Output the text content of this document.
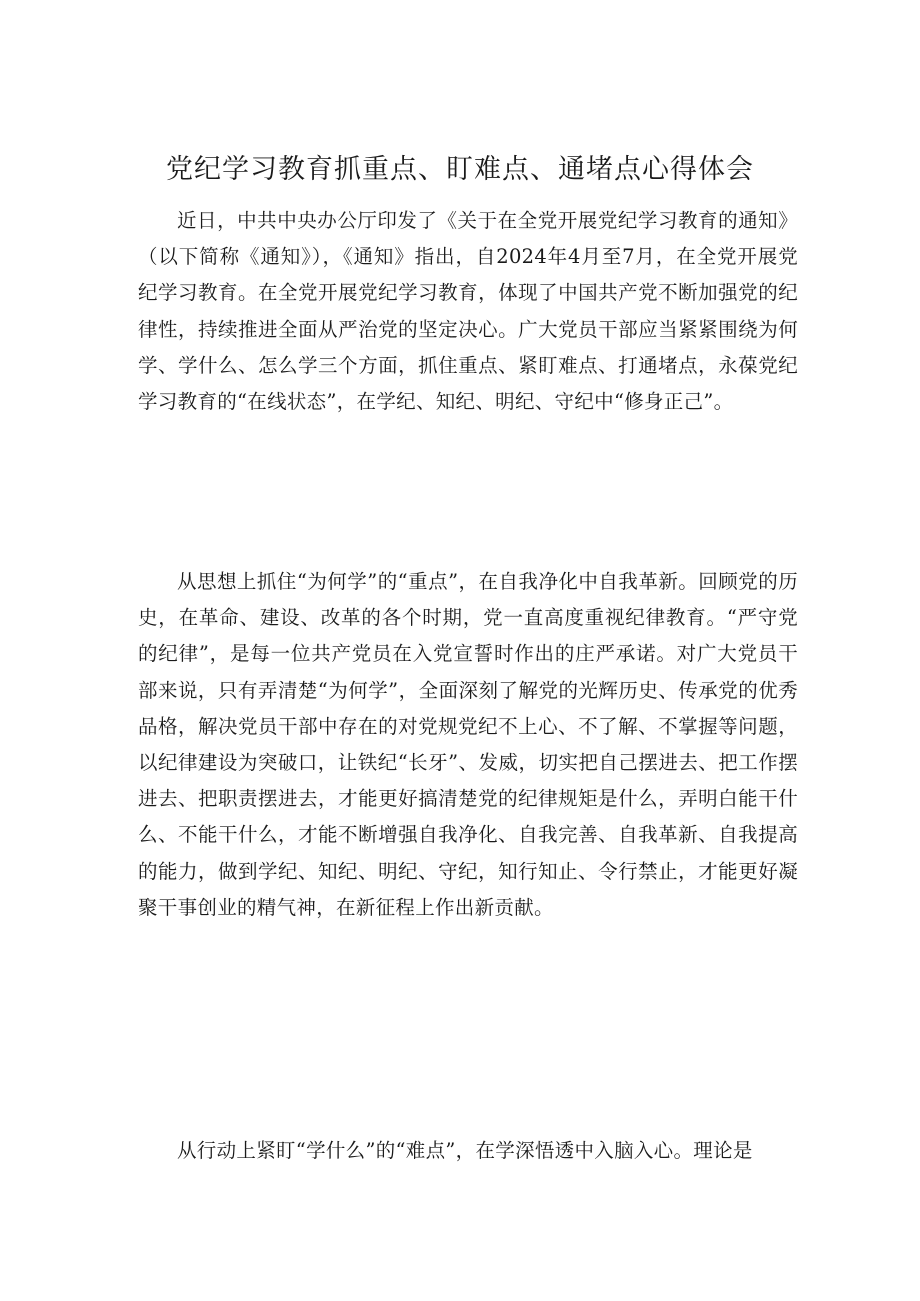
党纪学习教育抓重点、盯难点、通堵点心得体会

近日，中共中央办公厅印发了《关于在全党开展党纪学习教育的通知》（以下简称《通知》），《通知》指出，自2024年4月至7月，在全党开展党纪学习教育。在全党开展党纪学习教育，体现了中国共产党不断加强党的纪律性，持续推进全面从严治党的坚定决心。广大党员干部应当紧紧围绕为何学、学什么、怎么学三个方面，抓住重点、紧盯难点、打通堵点，永葆党纪学习教育的“在线状态”，在学纪、知纪、明纪、守纪中“修身正己”。

从思想上抓住“为何学”的“重点”，在自我净化中自我革新。回顾党的历史，在革命、建设、改革的各个时期，党一直高度重视纪律教育。“严守党的纪律”，是每一位共产党员在入党宣誓时作出的庄严承诺。对广大党员干部来说，只有弄清楚“为何学”，全面深刻了解党的光辉历史、传承党的优秀品格，解决党员干部中存在的对党规党纪不上心、不了解、不掌握等问题，以纪律建设为突破口，让铁纪“长牙”、发威，切实把自己摆进去、把工作摆进去、把职责摆进去，才能更好搞清楚党的纪律规矩是什么，弄明白能干什么、不能干什么，才能不断增强自我净化、自我完善、自我革新、自我提高的能力，做到学纪、知纪、明纪、守纪，知行知止、令行禁止，才能更好凝聚干事创业的精气神，在新征程上作出新贡献。

从行动上紧盯“学什么”的“难点”，在学深悟透中入脑入心。理论是
